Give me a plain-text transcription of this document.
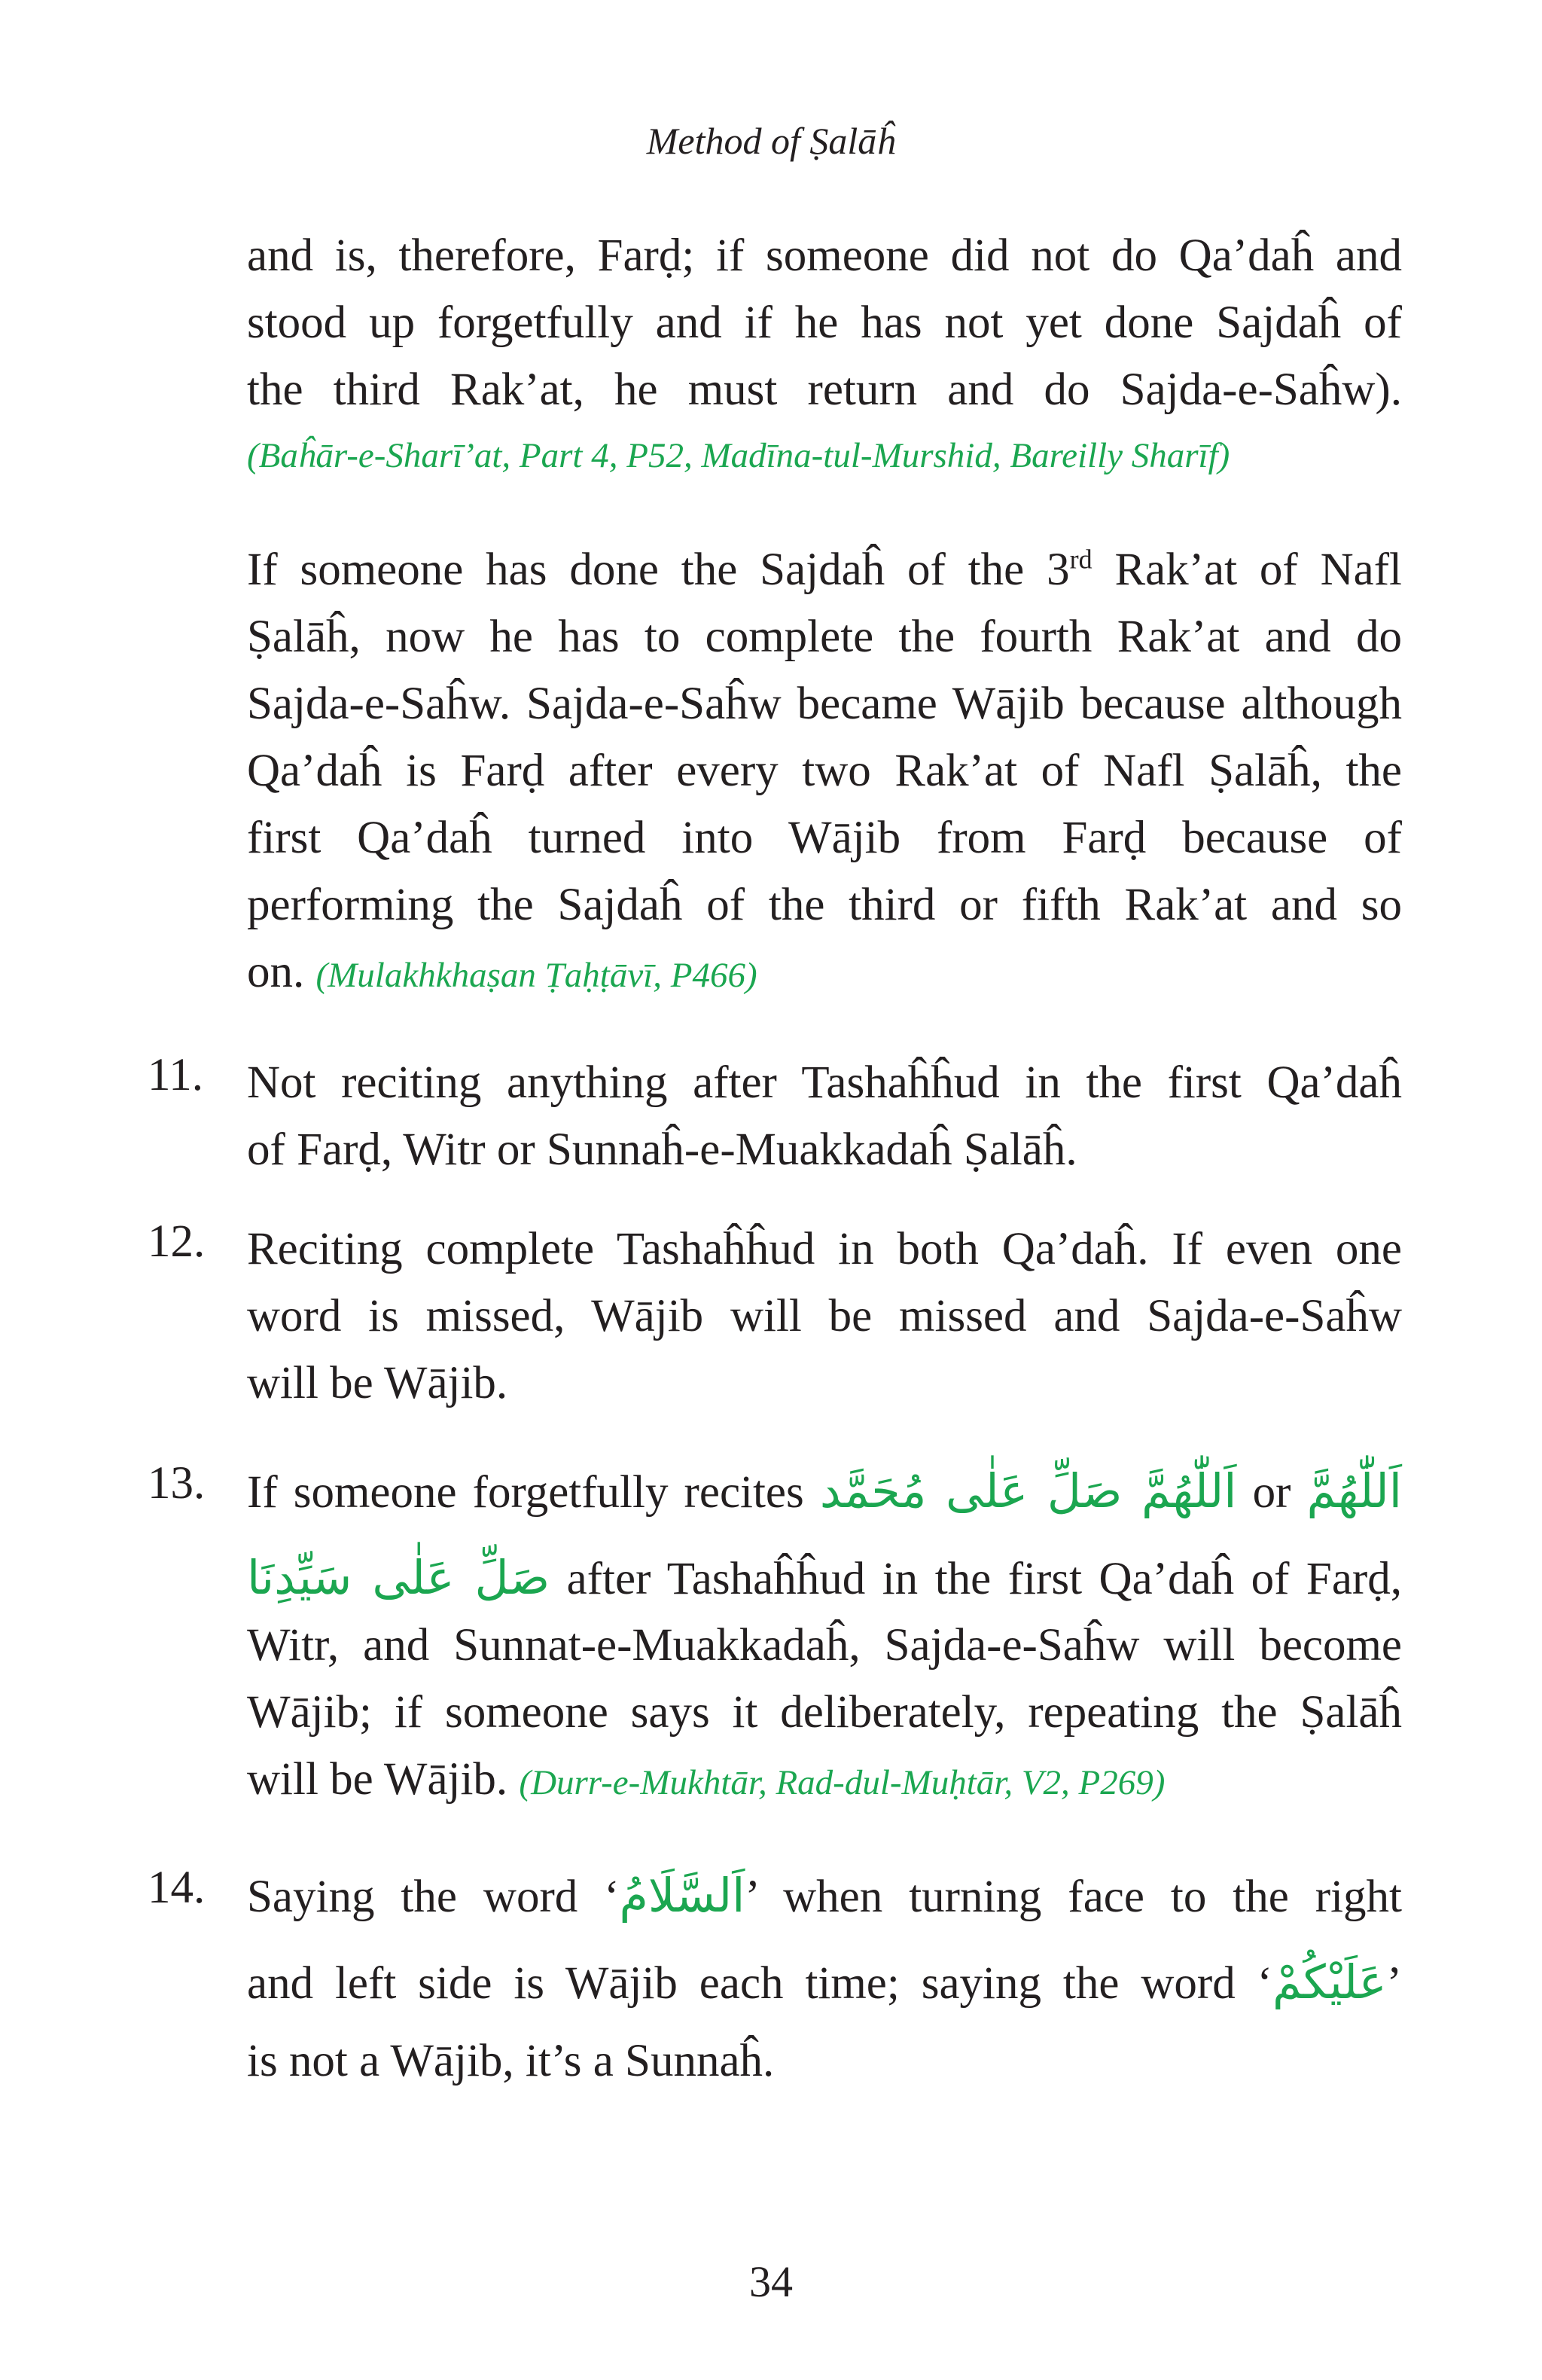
Method of Ṣalāĥ
and is, therefore, Farḍ; if someone did not do Qa’daĥ and
stood up forgetfully and if he has not yet done Sajdaĥ of
the third Rak’at, he must return and do Sajda-e-Saĥw).
(Baĥār-e-Sharī’at, Part 4, P52, Madīna-tul-Murshid, Bareilly Sharīf)
If someone has done the Sajdaĥ of the 3rd Rak’at of Nafl
Ṣalāĥ, now he has to complete the fourth Rak’at and do
Sajda-e-Saĥw. Sajda-e-Saĥw became Wājib because although
Qa’daĥ is Farḍ after every two Rak’at of Nafl Ṣalāĥ, the
first Qa’daĥ turned into Wājib from Farḍ because of
performing the Sajdaĥ of the third or fifth Rak’at and so
on. (Mulakhkhaṣan Ṭaḥṭāvī, P466)
11. Not reciting anything after Tashaĥĥud in the first Qa’daĥ
of Farḍ, Witr or Sunnaĥ-e-Muakkadaĥ Ṣalāĥ.
12. Reciting complete Tashaĥĥud in both Qa’daĥ. If even one
word is missed, Wājib will be missed and Sajda-e-Saĥw
will be Wājib.
13. If someone forgetfully recites اَللّٰهُمَّ صَلِّ عَلٰى مُحَمَّد or اَللّٰهُمَّ
صَلِّ عَلٰى سَيِّدِنَا after Tashaĥĥud in the first Qa’daĥ of Farḍ,
Witr, and Sunnat-e-Muakkadaĥ, Sajda-e-Saĥw will become
Wājib; if someone says it deliberately, repeating the Ṣalāĥ
will be Wājib. (Durr-e-Mukhtār, Rad-dul-Muḥtār, V2, P269)
14. Saying the word ‘اَلسَّلَامُ’ when turning face to the right
and left side is Wājib each time; saying the word ‘عَلَيْكُمْ’
is not a Wājib, it’s a Sunnaĥ.
34
